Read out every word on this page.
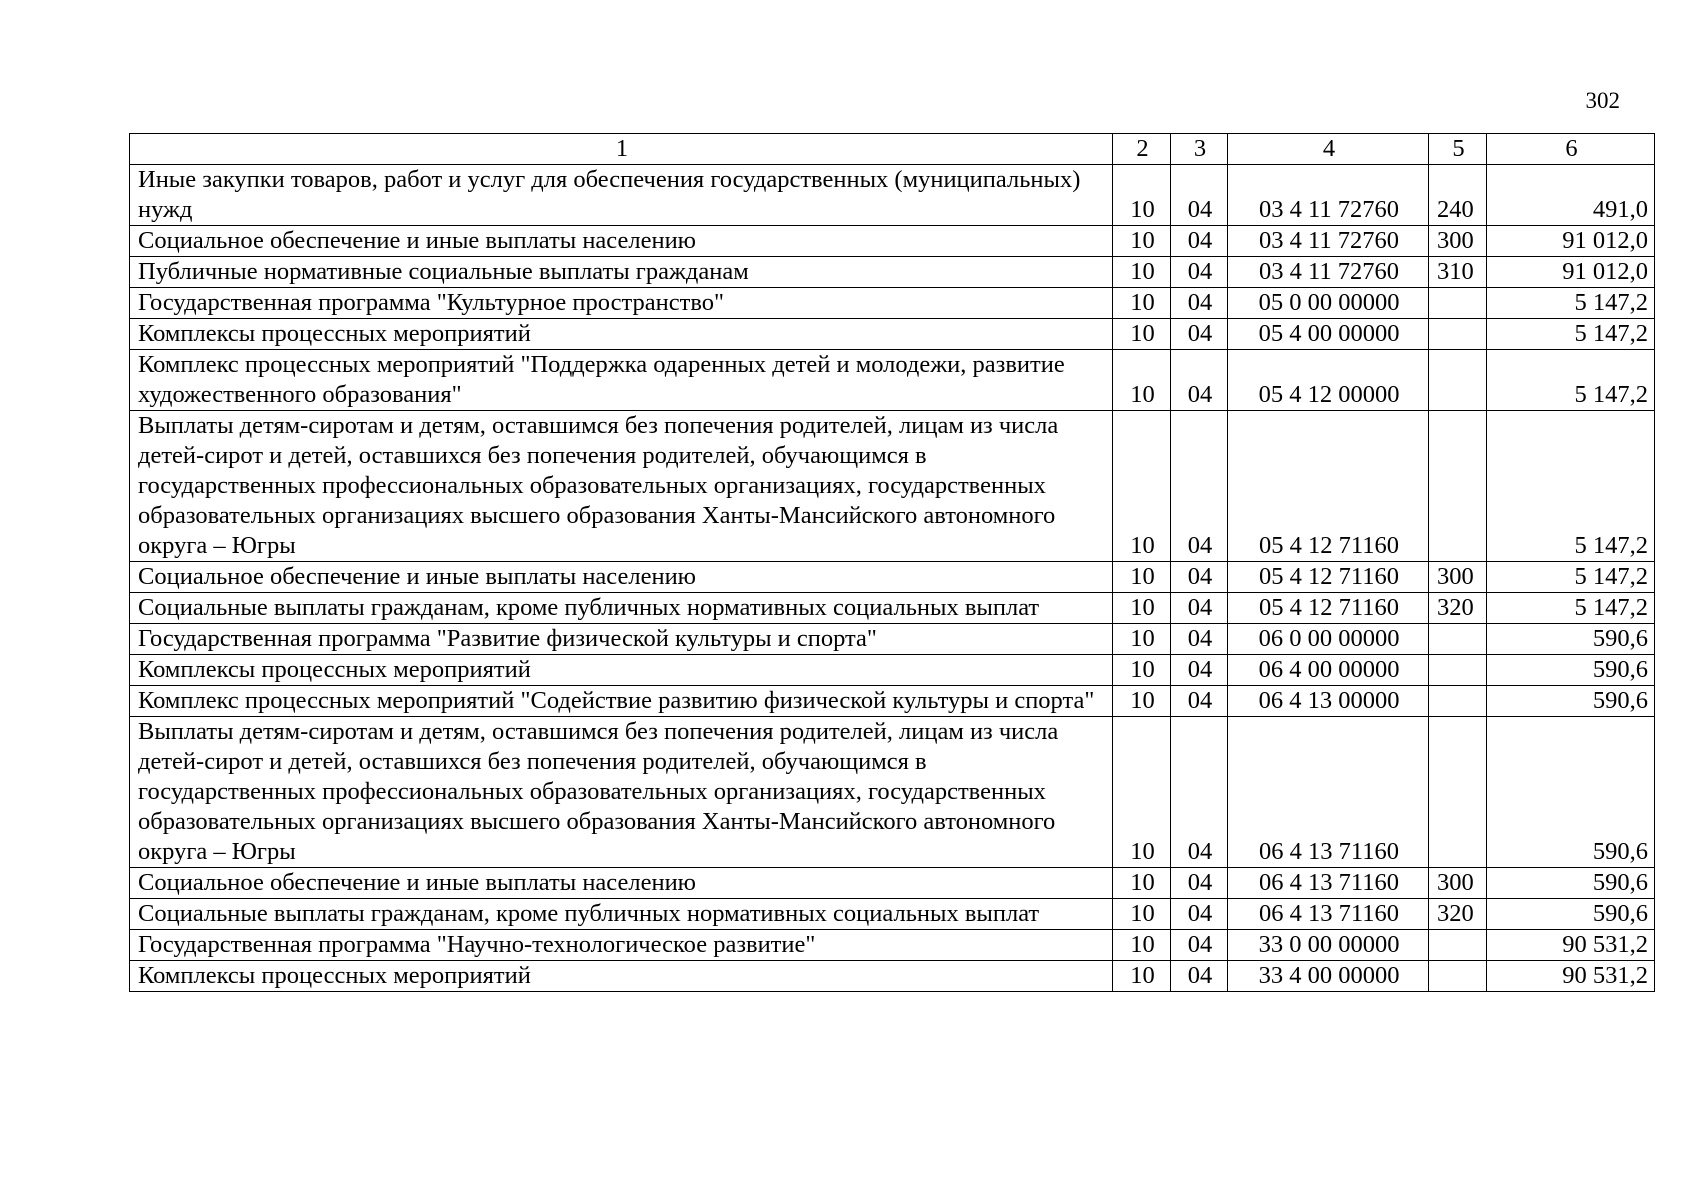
302
1	2	3	4	5	6
Иные закупки товаров, работ и услуг для обеспечения государственных (муниципальных) нужд	10	04	03 4 11 72760	240	491,0
Социальное обеспечение и иные выплаты населению	10	04	03 4 11 72760	300	91 012,0
Публичные нормативные социальные выплаты гражданам	10	04	03 4 11 72760	310	91 012,0
Государственная программа "Культурное пространство"	10	04	05 0 00 00000		5 147,2
Комплексы процессных мероприятий	10	04	05 4 00 00000		5 147,2
Комплекс процессных мероприятий "Поддержка одаренных детей и молодежи, развитие художественного образования"	10	04	05 4 12 00000		5 147,2
Выплаты детям-сиротам и детям, оставшимся без попечения родителей, лицам из числа детей-сирот и детей, оставшихся без попечения родителей, обучающимся в государственных профессиональных образовательных организациях, государственных образовательных организациях высшего образования Ханты-Мансийского автономного округа – Югры	10	04	05 4 12 71160		5 147,2
Социальное обеспечение и иные выплаты населению	10	04	05 4 12 71160	300	5 147,2
Социальные выплаты гражданам, кроме публичных нормативных социальных выплат	10	04	05 4 12 71160	320	5 147,2
Государственная программа "Развитие физической культуры и спорта"	10	04	06 0 00 00000		590,6
Комплексы процессных мероприятий	10	04	06 4 00 00000		590,6
Комплекс процессных мероприятий "Содействие развитию физической культуры и спорта"	10	04	06 4 13 00000		590,6
Выплаты детям-сиротам и детям, оставшимся без попечения родителей, лицам из числа детей-сирот и детей, оставшихся без попечения родителей, обучающимся в государственных профессиональных образовательных организациях, государственных образовательных организациях высшего образования Ханты-Мансийского автономного округа – Югры	10	04	06 4 13 71160		590,6
Социальное обеспечение и иные выплаты населению	10	04	06 4 13 71160	300	590,6
Социальные выплаты гражданам, кроме публичных нормативных социальных выплат	10	04	06 4 13 71160	320	590,6
Государственная программа "Научно-технологическое развитие"	10	04	33 0 00 00000		90 531,2
Комплексы процессных мероприятий	10	04	33 4 00 00000		90 531,2
